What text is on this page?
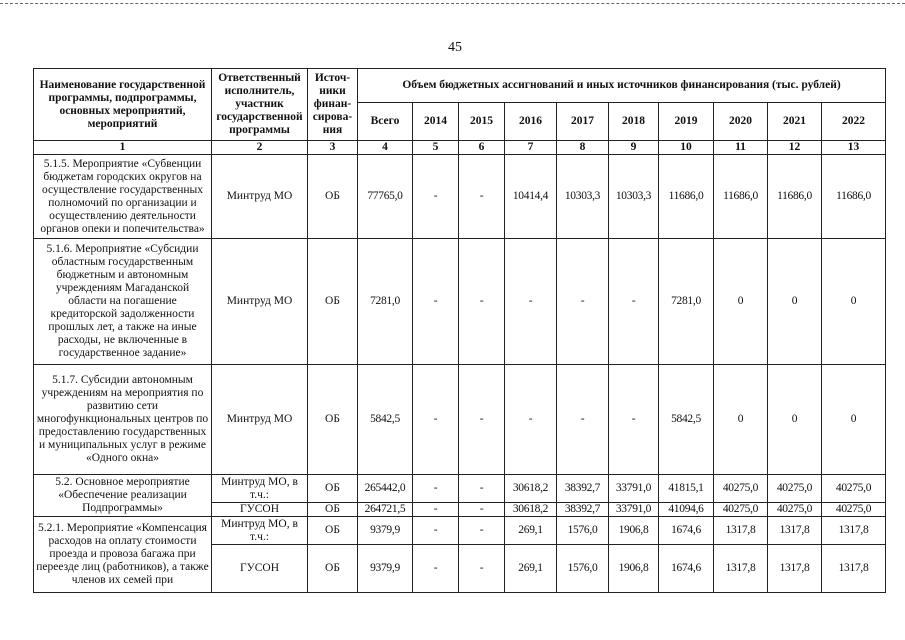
45
Наименование государственной программы, подпрограммы, основных мероприятий, мероприятий	Ответственный исполнитель, участник государственной программы	Источ-ники финан-сирова-ния	Объем бюджетных ассигнований и иных источников финансирования (тыс. рублей)									
			Всего	2014	2015	2016	2017	2018	2019	2020	2021	2022
1	2	3	4	5	6	7	8	9	10	11	12	13
5.1.5. Мероприятие «Субвенции бюджетам городских округов на осуществление государственных полномочий по организации и осуществлению деятельности органов опеки и попечительства»	Минтруд МО	ОБ	77765,0	-	-	10414,4	10303,3	10303,3	11686,0	11686,0	11686,0	11686,0
5.1.6. Мероприятие «Субсидии областным государственным бюджетным и автономным учреждениям Магаданской области на погашение кредиторской задолженности прошлых лет, а также на иные расходы, не включенные в государственное задание»	Минтруд МО	ОБ	7281,0	-	-	-	-	-	7281,0	0	0	0
5.1.7. Субсидии автономным учреждениям на мероприятия по развитию сети многофункциональных центров по предоставлению государственных и муниципальных услуг в режиме «Одного окна»	Минтруд МО	ОБ	5842,5	-	-	-	-	-	5842,5	0	0	0
5.2. Основное мероприятие «Обеспечение реализации Подпрограммы»	Минтруд МО, в т.ч.:	ОБ	265442,0	-	-	30618,2	38392,7	33791,0	41815,1	40275,0	40275,0	40275,0
	ГУСОН	ОБ	264721,5	-	-	30618,2	38392,7	33791,0	41094,6	40275,0	40275,0	40275,0
5.2.1. Мероприятие «Компенсация расходов на оплату стоимости проезда и провоза багажа при переезде лиц (работников), а также членов их семей при	Минтруд МО, в т.ч.:	ОБ	9379,9	-	-	269,1	1576,0	1906,8	1674,6	1317,8	1317,8	1317,8
	ГУСОН	ОБ	9379,9	-	-	269,1	1576,0	1906,8	1674,6	1317,8	1317,8	1317,8
